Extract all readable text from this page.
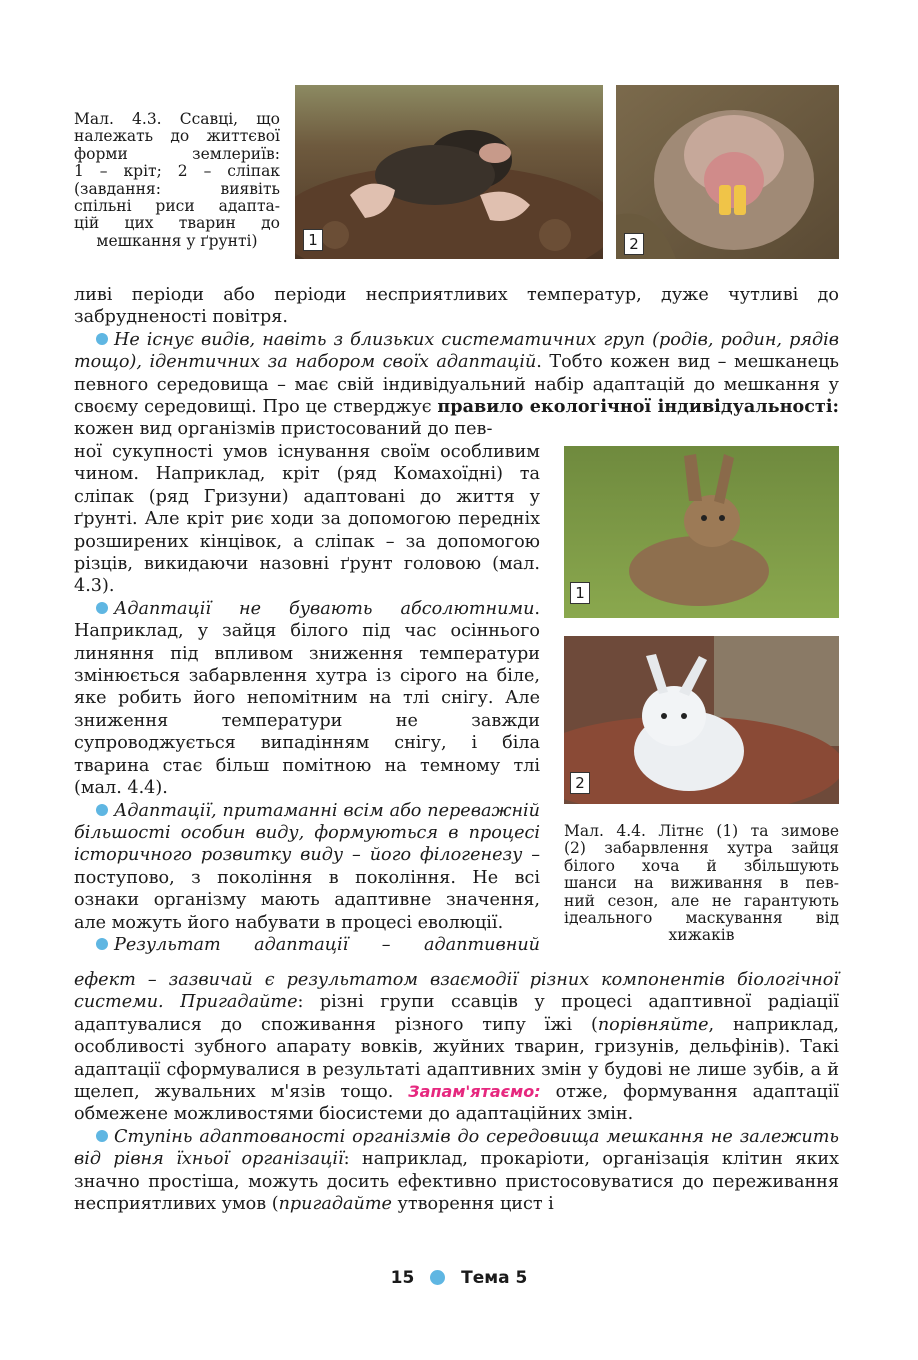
Мал. 4.3. Ссавці, що
належать до життєвої
форми землериїв:
1 – кріт; 2 – сліпак
(завдання: виявіть
спільні риси адапта-
цій цих тварин до
мешкання у ґрунті)	1	2
1
2
Мал. 4.4. Літнє (1) та зимове
(2) забарвлення хутра зайця
білого хоча й збільшують
шанси на виживання в пев-
ний сезон, але не гарантують
ідеального маскування від
хижаків

ливі періоди або періоди несприятливих температур, дуже чутливі до забрудненості повітря.

Не існує видів, навіть з близьких систематичних груп (родів, родин, рядів тощо), ідентичних за набором своїх адаптацій. Тобто кожен вид – мешканець певного середовища – має свій індивідуальний набір адаптацій до мешкання у своєму середовищі. Про це стверджує правило екологічної індивідуальності: кожен вид організмів пристосований до пев-

ної сукупності умов існування своїм особливим чином. Наприклад, кріт (ряд Комахоїдні) та сліпак (ряд Гризуни) адаптовані до життя у ґрунті. Але кріт риє ходи за допомогою передніх розширених кінцівок, а сліпак – за допомогою різців, викидаючи назовні ґрунт головою (мал. 4.3).

Адаптації не бувають абсолютними. Наприклад, у зайця білого під час осіннього линяння під впливом зниження температури змінюється забарвлення хутра із сірого на біле, яке робить його непомітним на тлі снігу. Але зниження температури не завжди супроводжується випадінням снігу, і біла тварина стає більш помітною на темному тлі (мал. 4.4).

Адаптації, притаманні всім або переважній більшості особин виду, формуються в процесі історичного розвитку виду – його філогенезу – поступово, з покоління в покоління. Не всі ознаки організму мають адаптивне значення, але можуть його набувати в процесі еволюції.

Результат адаптації – адаптивний

ефект – зазвичай є результатом взаємодії різних компонентів біологічної системи. Пригадайте: різні групи ссавців у процесі адаптивної радіації адаптувалися до споживання різного типу їжі (порівняйте, наприклад, особливості зубного апарату вовків, жуйних тварин, гризунів, дельфінів). Такі адаптації сформувалися в результаті адаптивних змін у будові не лише зубів, а й щелеп, жувальних м'язів тощо. Запам'ятаємо: отже, формування адаптації обмежене можливостями біосистеми до адаптаційних змін.

Ступінь адаптованості організмів до середовища мешкання не залежить від рівня їхньої організації: наприклад, прокаріоти, організація клітин яких значно простіша, можуть досить ефективно пристосовуватися до переживання несприятливих умов (пригадайте утворення цист і

15	Тема 5
